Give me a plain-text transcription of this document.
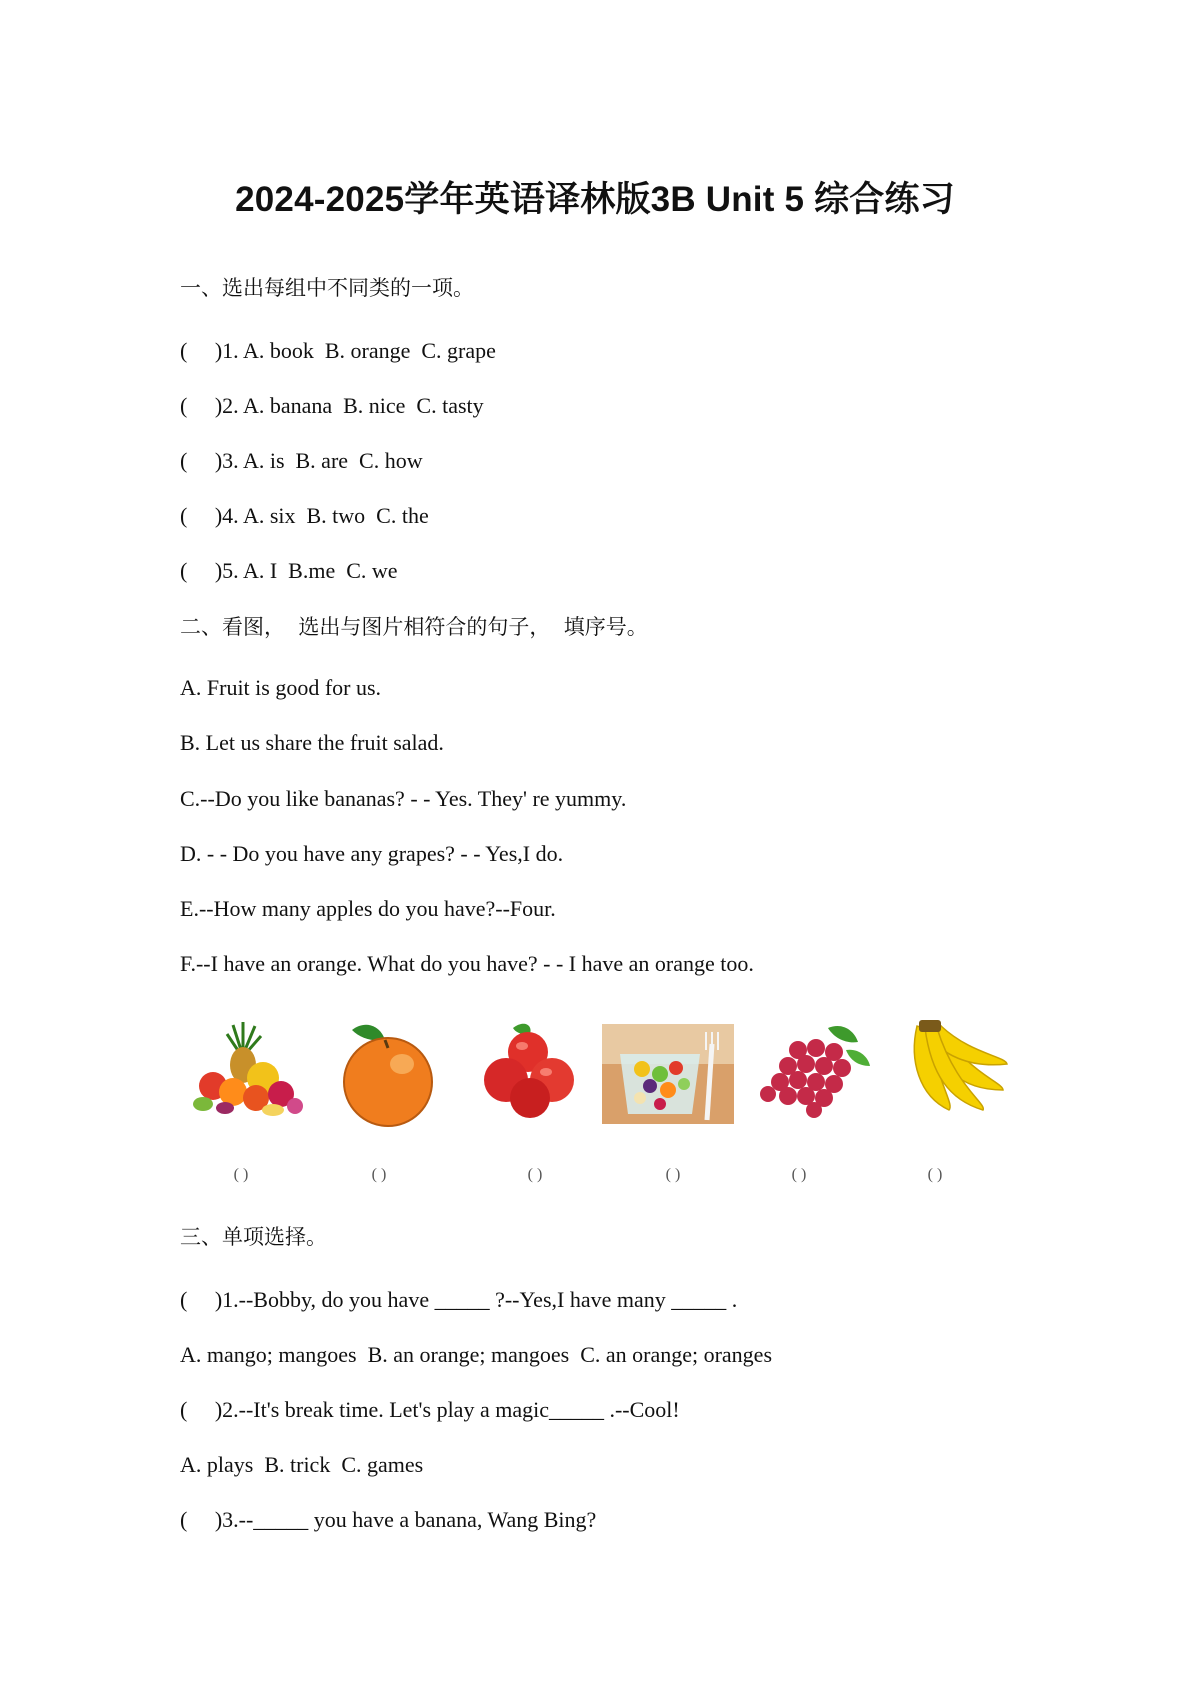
2024-2025学年英语译林版3B Unit 5 综合练习
一、选出每组中不同类的一项。
(     )1. A. book  B. orange  C. grape
(     )2. A. banana  B. nice  C. tasty
(     )3. A. is  B. are  C. how
(     )4. A. six  B. two  C. the
(     )5. A. I  B.me  C. we
二、看图，  选出与图片相符合的句子，  填序号。
A. Fruit is good for us.
B. Let us share the fruit salad.
C.--Do you like bananas? - - Yes. They' re yummy.
D. - - Do you have any grapes? - - Yes,I do.
E.--How many apples do you have?--Four.
F.--I have an orange. What do you have? - - I have an orange too.
( )	( )	( )	( )	( )	( )
三、单项选择。
(     )1.--Bobby, do you have _____ ?--Yes,I have many _____ .
A. mango; mangoes  B. an orange; mangoes  C. an orange; oranges
(     )2.--It's break time. Let's play a magic_____ .--Cool!
A. plays  B. trick  C. games
(     )3.--_____ you have a banana, Wang Bing?
